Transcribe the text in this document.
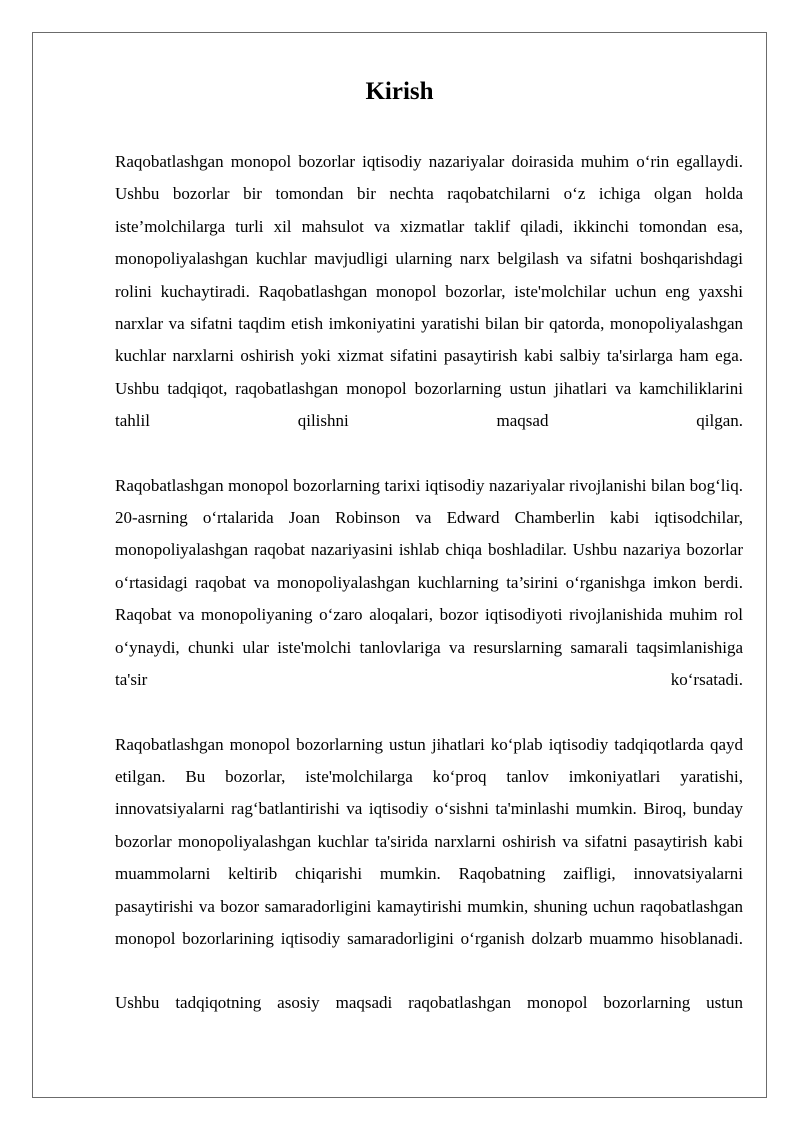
Kirish

Raqobatlashgan monopol bozorlar iqtisodiy nazariyalar doirasida muhim o‘rin egallaydi. Ushbu bozorlar bir tomondan bir nechta raqobatchilarni o‘z ichiga olgan holda iste’molchilarga turli xil mahsulot va xizmatlar taklif qiladi, ikkinchi tomondan esa, monopoliyalashgan kuchlar mavjudligi ularning narx belgilash va sifatni boshqarishdagi rolini kuchaytiradi. Raqobatlashgan monopol bozorlar, iste'molchilar uchun eng yaxshi narxlar va sifatni taqdim etish imkoniyatini yaratishi bilan bir qatorda, monopoliyalashgan kuchlar narxlarni oshirish yoki xizmat sifatini pasaytirish kabi salbiy ta'sirlarga ham ega. Ushbu tadqiqot, raqobatlashgan monopol bozorlarning ustun jihatlari va kamchiliklarini tahlil qilishni maqsad qilgan.

Raqobatlashgan monopol bozorlarning tarixi iqtisodiy nazariyalar rivojlanishi bilan bog‘liq. 20-asrning o‘rtalarida Joan Robinson va Edward Chamberlin kabi iqtisodchilar, monopoliyalashgan raqobat nazariyasini ishlab chiqa boshladilar. Ushbu nazariya bozorlar o‘rtasidagi raqobat va monopoliyalashgan kuchlarning ta’sirini o‘rganishga imkon berdi. Raqobat va monopoliyaning o‘zaro aloqalari, bozor iqtisodiyoti rivojlanishida muhim rol o‘ynaydi, chunki ular iste'molchi tanlovlariga va resurslarning samarali taqsimlanishiga ta'sir ko‘rsatadi.

Raqobatlashgan monopol bozorlarning ustun jihatlari ko‘plab iqtisodiy tadqiqotlarda qayd etilgan. Bu bozorlar, iste'molchilarga ko‘proq tanlov imkoniyatlari yaratishi, innovatsiyalarni rag‘batlantirishi va iqtisodiy o‘sishni ta'minlashi mumkin. Biroq, bunday bozorlar monopoliyalashgan kuchlar ta'sirida narxlarni oshirish va sifatni pasaytirish kabi muammolarni keltirib chiqarishi mumkin. Raqobatning zaifligi, innovatsiyalarni pasaytirishi va bozor samaradorligini kamaytirishi mumkin, shuning uchun raqobatlashgan monopol bozorlarining iqtisodiy samaradorligini o‘rganish dolzarb muammo hisoblanadi.

Ushbu tadqiqotning asosiy maqsadi raqobatlashgan monopol bozorlarning ustun
